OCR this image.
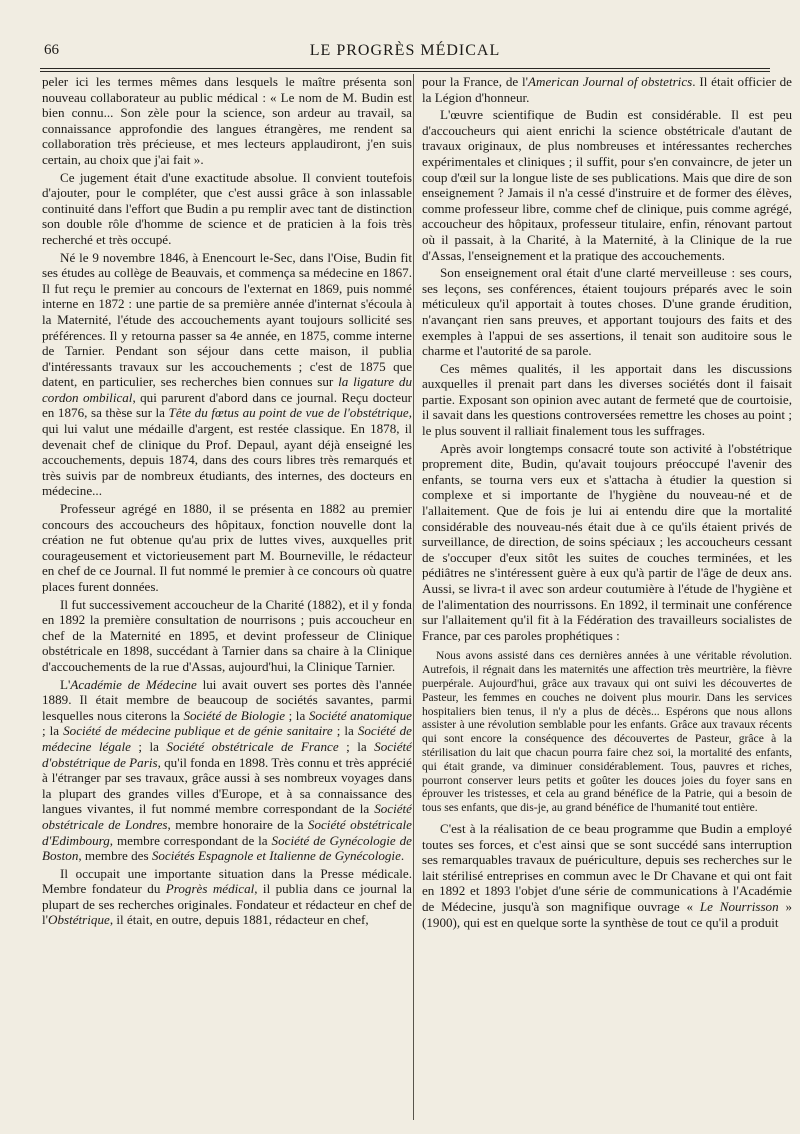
66	LE PROGRÈS MÉDICAL

peler ici les termes mêmes dans lesquels le maître présenta son nouveau collaborateur au public médical : « Le nom de M. Budin est bien connu... Son zèle pour la science, son ardeur au travail, sa connaissance approfondie des langues étrangères, me rendent sa collaboration très précieuse, et mes lecteurs applaudiront, j'en suis certain, au choix que j'ai fait ».

Ce jugement était d'une exactitude absolue. Il convient toutefois d'ajouter, pour le compléter, que c'est aussi grâce à son inlassable continuité dans l'effort que Budin a pu remplir avec tant de distinction son double rôle d'homme de science et de praticien à la fois très recherché et très occupé.

Né le 9 novembre 1846, à Enencourt le-Sec, dans l'Oise, Budin fit ses études au collège de Beauvais, et commença sa médecine en 1867. Il fut reçu le premier au concours de l'externat en 1869, puis nommé interne en 1872 : une partie de sa première année d'internat s'écoula à la Maternité, l'étude des accouchements ayant toujours sollicité ses préférences. Il y retourna passer sa 4e année, en 1875, comme interne de Tarnier. Pendant son séjour dans cette maison, il publia d'intéressants travaux sur les accouchements ; c'est de 1875 que datent, en particulier, ses recherches bien connues sur la ligature du cordon ombilical, qui parurent d'abord dans ce journal. Reçu docteur en 1876, sa thèse sur la Tête du fœtus au point de vue de l'obstétrique, qui lui valut une médaille d'argent, est restée classique. En 1878, il devenait chef de clinique du Prof. Depaul, ayant déjà enseigné les accouchements, depuis 1874, dans des cours libres très remarqués et très suivis par de nombreux étudiants, des internes, des docteurs en médecine...

Professeur agrégé en 1880, il se présenta en 1882 au premier concours des accoucheurs des hôpitaux, fonction nouvelle dont la création ne fut obtenue qu'au prix de luttes vives, auxquelles prit courageusement et victorieusement part M. Bourneville, le rédacteur en chef de ce Journal. Il fut nommé le premier à ce concours où quatre places furent données.

Il fut successivement accoucheur de la Charité (1882), et il y fonda en 1892 la première consultation de nourrisons ; puis accoucheur en chef de la Maternité en 1895, et devint professeur de Clinique obstétricale en 1898, succédant à Tarnier dans sa chaire à la Clinique d'accouchements de la rue d'Assas, aujourd'hui, la Clinique Tarnier.

L'Académie de Médecine lui avait ouvert ses portes dès l'année 1889. Il était membre de beaucoup de sociétés savantes, parmi lesquelles nous citerons la Société de Biologie ; la Société anatomique ; la Société de médecine publique et de génie sanitaire ; la Société de médecine légale ; la Société obstétricale de France ; la Société d'obstétrique de Paris, qu'il fonda en 1898. Très connu et très apprécié à l'étranger par ses travaux, grâce aussi à ses nombreux voyages dans la plupart des grandes villes d'Europe, et à sa connaissance des langues vivantes, il fut nommé membre correspondant de la Société obstétricale de Londres, membre honoraire de la Société obstétricale d'Edimbourg, membre correspondant de la Société de Gynécologie de Boston, membre des Sociétés Espagnole et Italienne de Gynécologie.

Il occupait une importante situation dans la Presse médicale. Membre fondateur du Progrès médical, il publia dans ce journal la plupart de ses recherches originales. Fondateur et rédacteur en chef de l'Obstétrique, il était, en outre, depuis 1881, rédacteur en chef,

pour la France, de l'American Journal of obstetrics. Il était officier de la Légion d'honneur.

L'œuvre scientifique de Budin est considérable. Il est peu d'accoucheurs qui aient enrichi la science obstétricale d'autant de travaux originaux, de plus nombreuses et intéressantes recherches expérimentales et cliniques ; il suffit, pour s'en convaincre, de jeter un coup d'œil sur la longue liste de ses publications. Mais que dire de son enseignement ? Jamais il n'a cessé d'instruire et de former des élèves, comme professeur libre, comme chef de clinique, puis comme agrégé, accoucheur des hôpitaux, professeur titulaire, enfin, rénovant partout où il passait, à la Charité, à la Maternité, à la Clinique de la rue d'Assas, l'enseignement et la pratique des accouchements.

Son enseignement oral était d'une clarté merveilleuse : ses cours, ses leçons, ses conférences, étaient toujours préparés avec le soin méticuleux qu'il apportait à toutes choses. D'une grande érudition, n'avançant rien sans preuves, et apportant toujours des faits et des exemples à l'appui de ses assertions, il tenait son auditoire sous le charme et l'autorité de sa parole.

Ces mêmes qualités, il les apportait dans les discussions auxquelles il prenait part dans les diverses sociétés dont il faisait partie. Exposant son opinion avec autant de fermeté que de courtoisie, il savait dans les questions controversées remettre les choses au point ; le plus souvent il ralliait finalement tous les suffrages.

Après avoir longtemps consacré toute son activité à l'obstétrique proprement dite, Budin, qu'avait toujours préoccupé l'avenir des enfants, se tourna vers eux et s'attacha à étudier la question si complexe et si importante de l'hygiène du nouveau-né et de l'allaitement. Que de fois je lui ai entendu dire que la mortalité considérable des nouveau-nés était due à ce qu'ils étaient privés de surveillance, de direction, de soins spéciaux ; les accoucheurs cessant de s'occuper d'eux sitôt les suites de couches terminées, et les pédiâtres ne s'intéressent guère à eux qu'à partir de l'âge de deux ans. Aussi, se livra-t il avec son ardeur coutumière à l'étude de l'hygiène et de l'alimentation des nourrissons. En 1892, il terminait une conférence sur l'allaitement qu'il fit à la Fédération des travailleurs socialistes de France, par ces paroles prophétiques :

Nous avons assisté dans ces dernières années à une véritable révolution. Autrefois, il régnait dans les maternités une affection très meurtrière, la fièvre puerpérale. Aujourd'hui, grâce aux travaux qui ont suivi les découvertes de Pasteur, les femmes en couches ne doivent plus mourir. Dans les services hospitaliers bien tenus, il n'y a plus de décès... Espérons que nous allons assister à une révolution semblable pour les enfants. Grâce aux travaux récents qui sont encore la conséquence des découvertes de Pasteur, grâce à la stérilisation du lait que chacun pourra faire chez soi, la mortalité des enfants, qui était grande, va diminuer considérablement. Tous, pauvres et riches, pourront conserver leurs petits et goûter les douces joies du foyer sans en éprouver les tristesses, et cela au grand bénéfice de la Patrie, qui a besoin de tous ses enfants, que dis-je, au grand bénéfice de l'humanité tout entière.

C'est à la réalisation de ce beau programme que Budin a employé toutes ses forces, et c'est ainsi que se sont succédé sans interruption ses remarquables travaux de puériculture, depuis ses recherches sur le lait stérilisé entreprises en commun avec le Dr Chavane et qui ont fait en 1892 et 1893 l'objet d'une série de communications à l'Académie de Médecine, jusqu'à son magnifique ouvrage « Le Nourrisson » (1900), qui est en quelque sorte la synthèse de tout ce qu'il a produit
